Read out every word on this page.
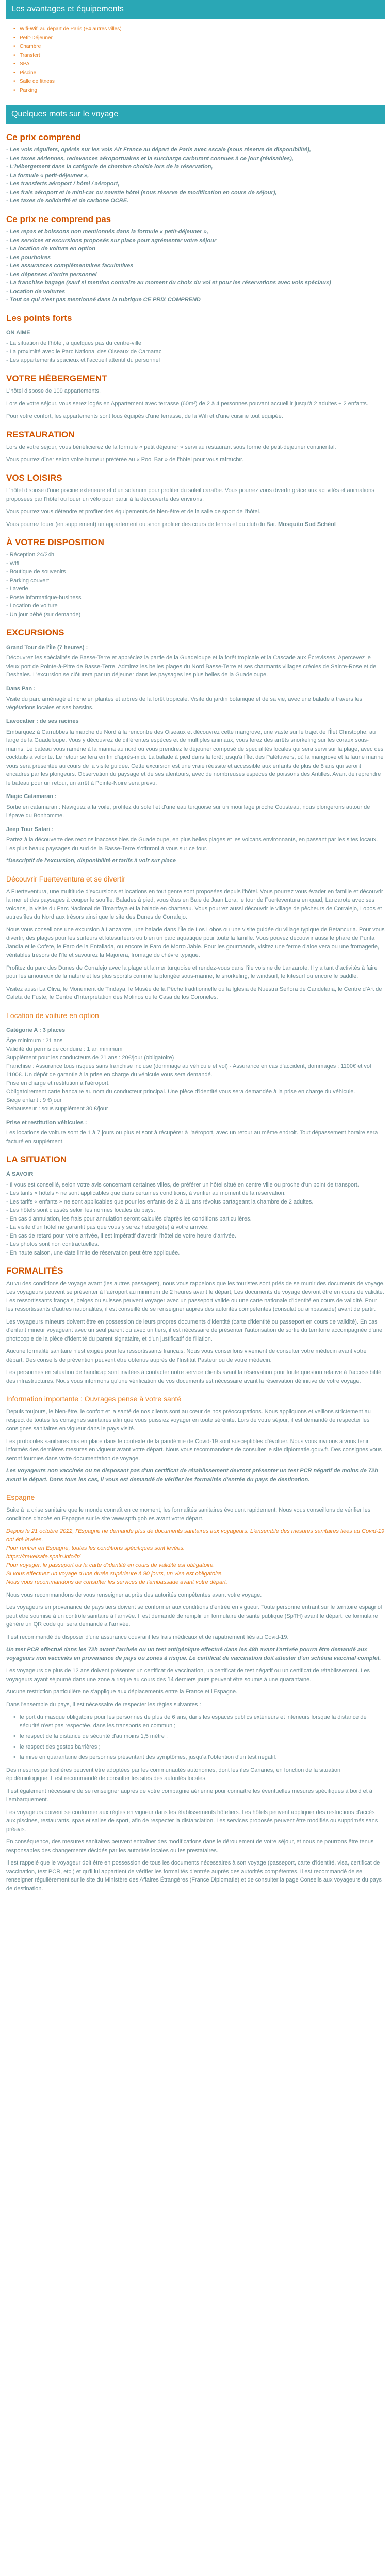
Les avantages et équipements
• Wifi-Wifi au départ de Paris (+4 autres villes)
• Petit-Déjeuner
• Chambre
• Transfert
• SPA
• Piscine
• Salle de fitness
• Parking
Quelques mots sur le voyage
Ce prix comprend
- Les vols réguliers, opérés sur les vols Air France au départ de Paris avec escale (sous réserve de disponibilité),
- Les taxes aériennes, redevances aéroportuaires et la surcharge carburant connues à ce jour (révisables),
- L'hébergement dans la catégorie de chambre choisie lors de la réservation,
- La formule « petit-déjeuner »,
- Les transferts aéroport / hôtel / aéroport,
- Les frais aéroport et le mini-car ou navette hôtel (sous réserve de modification en cours de séjour),
- Les taxes de solidarité et de carbone OCRE.
Ce prix ne comprend pas
- Les repas et boissons non mentionnés dans la formule « petit-déjeuner »,
- Les services et excursions proposés sur place pour agrémenter votre séjour
- La location de voiture en option
- Les pourboires
- Les assurances complémentaires facultatives
- Les dépenses d'ordre personnel
- La franchise bagage (sauf si mention contraire au moment du choix du vol et pour les réservations avec vols spéciaux)
- Location de voitures
- Tout ce qui n'est pas mentionné dans la rubrique CE PRIX COMPREND
Les points forts
ON AIME
- La situation de l'hôtel, à quelques pas du centre-ville
- La proximité avec le Parc National des Oiseaux de Carnarac
- Les appartements spacieux et l'accueil attentif du personnel
VOTRE HÉBERGEMENT

L'hôtel dispose de 109 appartements.

Lors de votre séjour, vous serez logés en Appartement avec terrasse (60m²) de 2 à 4 personnes pouvant accueillir jusqu'à 2 adultes + 2 enfants.

Pour votre confort, les appartements sont tous équipés d'une terrasse, de la Wifi et d'une cuisine tout équipée.

RESTAURATION

Lors de votre séjour, vous bénéficierez de la formule « petit déjeuner » servi au restaurant sous forme de petit-déjeuner continental.

Vous pourrez dîner selon votre humeur préférée au « Pool Bar » de l'hôtel pour vous rafraîchir.

VOS LOISIRS

L'hôtel dispose d'une piscine extérieure et d'un solarium pour profiter du soleil caraïbe. Vous pourrez vous divertir grâce aux activités et animations proposées par l'hôtel ou louer un vélo pour partir à la découverte des environs.

Vous pourrez vous détendre et profiter des équipements de bien-être et de la salle de sport de l'hôtel.

Vous pourrez louer (en supplément) un appartement ou sinon profiter des cours de tennis et du club du Bar. Mosquito Sud Schéol

À VOTRE DISPOSITION
- Réception 24/24h
- Wifi
- Boutique de souvenirs
- Parking couvert
- Laverie
- Poste informatique-business
- Location de voiture
- Un jour bébé (sur demande)
EXCURSIONS
Grand Tour de l'Île (7 heures) :

Découvrez les spécialités de Basse-Terre et appréciez la partie de la Guadeloupe et la forêt tropicale et la Cascade aux Écrevisses. Apercevez le vieux port de Pointe-à-Pitre de Basse-Terre. Admirez les belles plages du Nord Basse-Terre et ses charmants villages créoles de Sainte-Rose et de Deshaies. L'excursion se clôturera par un déjeuner dans les paysages les plus belles de la Guadeloupe.

Dans Pan :

Visite du parc aménagé et riche en plantes et arbres de la forêt tropicale. Visite du jardin botanique et de sa vie, avec une balade à travers les végétations locales et ses bassins.

Lavocatier : de ses racines

Embarquez à Carrubbes la marche du Nord à la rencontre des Oiseaux et découvrez cette mangrove, une vaste sur le trajet de l'Îlet Christophe, au large de la Guadeloupe. Vous y découvrez de différentes espèces et de multiples animaux, vous ferez des arrêts snorkeling sur les coraux sous-marins. Le bateau vous ramène à la marina au nord où vous prendrez le déjeuner composé de spécialités locales qui sera servi sur la plage, avec des cocktails à volonté. Le retour se fera en fin d'après-midi. La balade à pied dans la forêt jusqu'à l'Îlet des Palétuviers, où la mangrove et la faune marine vous sera présentée au cours de la visite guidée. Cette excursion est une vraie réussite et accessible aux enfants de plus de 8 ans qui seront encadrés par les plongeurs. Observation du paysage et de ses alentours, avec de nombreuses espèces de poissons des Antilles. Avant de reprendre le bateau pour un retour, un arrêt à Pointe-Noire sera prévu.

Magic Catamaran :

Sortie en catamaran : Naviguez à la voile, profitez du soleil et d'une eau turquoise sur un mouillage proche Cousteau, nous plongerons autour de l'épave du Bonhomme.

Jeep Tour Safari :

Partez à la découverte des recoins inaccessibles de Guadeloupe, en plus belles plages et les volcans environnants, en passant par les sites locaux. Les plus beaux paysages du sud de la Basse-Terre s'offriront à vous sur ce tour.

*Descriptif de l'excursion, disponibilité et tarifs à voir sur place

Découvrir Fuerteventura et se divertir

A Fuerteventura, une multitude d'excursions et locations en tout genre sont proposées depuis l'hôtel. Vous pourrez vous évader en famille et découvrir la mer et des paysages à couper le souffle. Balades à pied, vous êtes en Baie de Juan Lora, le tour de Fuerteventura en quad, Lanzarote avec ses volcans, la visite du Parc Nacional de Timanfaya et la balade en chameau. Vous pourrez aussi découvrir le village de pêcheurs de Corralejo, Lobos et autres îles du Nord aux trésors ainsi que le site des Dunes de Corralejo.

Nous vous conseillons une excursion à Lanzarote, une balade dans l'Île de Los Lobos ou une visite guidée du village typique de Betancuria. Pour vous divertir, des plages pour les surfeurs et kitesurfeurs ou bien un parc aquatique pour toute la famille. Vous pouvez découvrir aussi le phare de Punta Jandía et le Cofete, le Faro de la Entallada, ou encore le Faro de Morro Jable. Pour les gourmands, visitez une ferme d'aloe vera ou une fromagerie, véritables trésors de l'île et savourez la Majorera, fromage de chèvre typique.

Profitez du parc des Dunes de Corralejo avec la plage et la mer turquoise et rendez-vous dans l'île voisine de Lanzarote. Il y a tant d'activités à faire pour les amoureux de la nature et les plus sportifs comme la plongée sous-marine, le snorkeling, le windsurf, le kitesurf ou encore le paddle.

Visitez aussi La Oliva, le Monument de Tindaya, le Musée de la Pêche traditionnelle ou la Iglesia de Nuestra Señora de Candelaria, le Centre d'Art de Caleta de Fuste, le Centre d'Interprétation des Molinos ou le Casa de los Coroneles.

Location de voiture en option
Catégorie A : 3 places
Âge minimum : 21 ans
Validité du permis de conduire : 1 an minimum
Supplément pour les conducteurs de 21 ans : 20€/jour (obligatoire)
Franchise : Assurance tous risques sans franchise incluse (dommage au véhicule et vol) - Assurance en cas d'accident, dommages : 1100€ et vol 1100€. Un dépôt de garantie à la prise en charge du véhicule vous sera demandé.
Prise en charge et restitution à l'aéroport.
Obligatoirement carte bancaire au nom du conducteur principal. Une pièce d'identité vous sera demandée à la prise en charge du véhicule.
Siège enfant : 9 €/jour
Rehausseur : sous supplément 30 €/jour
Prise et restitution véhicules :

Les locations de voiture sont de 1 à 7 jours ou plus et sont à récupérer à l'aéroport, avec un retour au même endroit. Tout dépassement horaire sera facturé en supplément.

LA SITUATION
À SAVOIR
- Il vous est conseillé, selon votre avis concernant certaines villes, de préférer un hôtel situé en centre ville ou proche d'un point de transport.
- Les tarifs « hôtels » ne sont applicables que dans certaines conditions, à vérifier au moment de la réservation.
- Les tarifs « enfants » ne sont applicables que pour les enfants de 2 à 11 ans révolus partageant la chambre de 2 adultes.
- Les hôtels sont classés selon les normes locales du pays.
- En cas d'annulation, les frais pour annulation seront calculés d'après les conditions particulières.
- La visite d'un hôtel ne garantit pas que vous y serez hébergé(e) à votre arrivée.
- En cas de retard pour votre arrivée, il est impératif d'avertir l'hôtel de votre heure d'arrivée.
- Les photos sont non contractuelles.
- En haute saison, une date limite de réservation peut être appliquée.
FORMALITÉS

Au vu des conditions de voyage avant (les autres passagers), nous vous rappelons que les touristes sont priés de se munir des documents de voyage. Les voyageurs peuvent se présenter à l'aéroport au minimum de 2 heures avant le départ, Les documents de voyage devront être en cours de validité. Les ressortissants français, belges ou suisses peuvent voyager avec un passeport valide ou une carte nationale d'identité en cours de validité. Pour les ressortissants d'autres nationalités, il est conseillé de se renseigner auprès des autorités compétentes (consulat ou ambassade) avant de partir.

Les voyageurs mineurs doivent être en possession de leurs propres documents d'identité (carte d'identité ou passeport en cours de validité). En cas d'enfant mineur voyageant avec un seul parent ou avec un tiers, il est nécessaire de présenter l'autorisation de sortie du territoire accompagnée d'une photocopie de la pièce d'identité du parent signataire, et d'un justificatif de filiation.

Aucune formalité sanitaire n'est exigée pour les ressortissants français. Nous vous conseillons vivement de consulter votre médecin avant votre départ. Des conseils de prévention peuvent être obtenus auprès de l'Institut Pasteur ou de votre médecin.

Les personnes en situation de handicap sont invitées à contacter notre service clients avant la réservation pour toute question relative à l'accessibilité des infrastructures. Nous vous informons qu'une vérification de vos documents est nécessaire avant la réservation définitive de votre voyage.

Information importante : Ouvrages pense à votre santé

Depuis toujours, le bien-être, le confort et la santé de nos clients sont au cœur de nos préoccupations. Nous appliquons et veillons strictement au respect de toutes les consignes sanitaires afin que vous puissiez voyager en toute sérénité. Lors de votre séjour, il est demandé de respecter les consignes sanitaires en vigueur dans le pays visité.

Les protocoles sanitaires mis en place dans le contexte de la pandémie de Covid-19 sont susceptibles d'évoluer. Nous vous invitons à vous tenir informés des dernières mesures en vigueur avant votre départ. Nous vous recommandons de consulter le site diplomatie.gouv.fr. Des consignes vous seront fournies dans votre documentation de voyage.

Les voyageurs non vaccinés ou ne disposant pas d'un certificat de rétablissement devront présenter un test PCR négatif de moins de 72h avant le départ. Dans tous les cas, il vous est demandé de vérifier les formalités d'entrée du pays de destination.

Espagne

Suite à la crise sanitaire que le monde connaît en ce moment, les formalités sanitaires évoluent rapidement. Nous vous conseillons de vérifier les conditions d'accès en Espagne sur le site www.spth.gob.es avant votre départ.

Depuis le 21 octobre 2022, l'Espagne ne demande plus de documents sanitaires aux voyageurs. L'ensemble des mesures sanitaires liées au Covid-19 ont été levées.
Pour rentrer en Espagne, toutes les conditions spécifiques sont levées.
https://travelsafe.spain.info/fr/
Pour voyager, le passeport ou la carte d'identité en cours de validité est obligatoire.
Si vous effectuez un voyage d'une durée supérieure à 90 jours, un visa est obligatoire.
Nous vous recommandons de consulter les services de l'ambassade avant votre départ.

Nous vous recommandons de vous renseigner auprès des autorités compétentes avant votre voyage.

Les voyageurs en provenance de pays tiers doivent se conformer aux conditions d'entrée en vigueur. Toute personne entrant sur le territoire espagnol peut être soumise à un contrôle sanitaire à l'arrivée. Il est demandé de remplir un formulaire de santé publique (SpTH) avant le départ, ce formulaire génère un QR code qui sera demandé à l'arrivée.

Il est recommandé de disposer d'une assurance couvrant les frais médicaux et de rapatriement liés au Covid-19.

Un test PCR effectué dans les 72h avant l'arrivée ou un test antigénique effectué dans les 48h avant l'arrivée pourra être demandé aux voyageurs non vaccinés en provenance de pays ou zones à risque. Le certificat de vaccination doit attester d'un schéma vaccinal complet.

Les voyageurs de plus de 12 ans doivent présenter un certificat de vaccination, un certificat de test négatif ou un certificat de rétablissement. Les voyageurs ayant séjourné dans une zone à risque au cours des 14 derniers jours peuvent être soumis à une quarantaine.

Aucune restriction particulière ne s'applique aux déplacements entre la France et l'Espagne.

Dans l'ensemble du pays, il est nécessaire de respecter les règles suivantes :

• le port du masque obligatoire pour les personnes de plus de 6 ans, dans les espaces publics extérieurs et intérieurs lorsque la distance de sécurité n'est pas respectée, dans les transports en commun ;
• le respect de la distance de sécurité d'au moins 1,5 mètre ;
• le respect des gestes barrières ;
• la mise en quarantaine des personnes présentant des symptômes, jusqu'à l'obtention d'un test négatif.

Des mesures particulières peuvent être adoptées par les communautés autonomes, dont les îles Canaries, en fonction de la situation épidémiologique. Il est recommandé de consulter les sites des autorités locales.

Il est également nécessaire de se renseigner auprès de votre compagnie aérienne pour connaître les éventuelles mesures spécifiques à bord et à l'embarquement.

Les voyageurs doivent se conformer aux règles en vigueur dans les établissements hôteliers. Les hôtels peuvent appliquer des restrictions d'accès aux piscines, restaurants, spas et salles de sport, afin de respecter la distanciation. Les services proposés peuvent être modifiés ou supprimés sans préavis.

En conséquence, des mesures sanitaires peuvent entraîner des modifications dans le déroulement de votre séjour, et nous ne pourrons être tenus responsables des changements décidés par les autorités locales ou les prestataires.

Il est rappelé que le voyageur doit être en possession de tous les documents nécessaires à son voyage (passeport, carte d'identité, visa, certificat de vaccination, test PCR, etc.) et qu'il lui appartient de vérifier les formalités d'entrée auprès des autorités compétentes. Il est recommandé de se renseigner régulièrement sur le site du Ministère des Affaires Étrangères (France Diplomatie) et de consulter la page Conseils aux voyageurs du pays de destination.
